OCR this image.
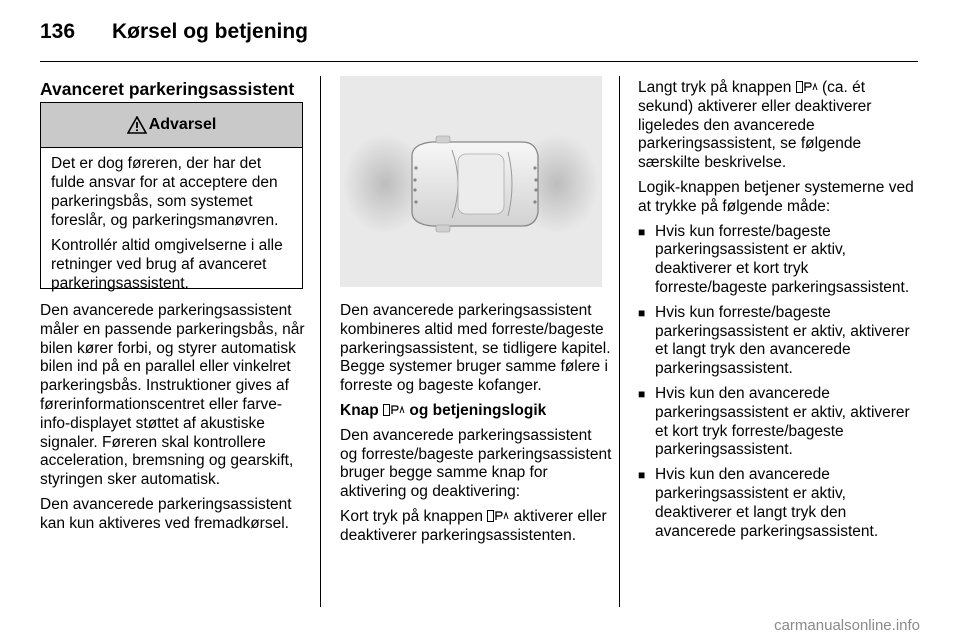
136 Kørsel og betjening
Avanceret parkeringsassistent
Advarsel

Det er dog føreren, der har det fulde ansvar for at acceptere den parkeringsbås, som systemet foreslår, og parkeringsmanøvren.

Kontrollér altid omgivelserne i alle retninger ved brug af avanceret parkeringsassistent.

Den avancerede parkeringsassistent måler en passende parkeringsbås, når bilen kører forbi, og styrer automatisk bilen ind på en parallel eller vinkelret parkeringsbås. Instruktioner gives af førerinformationscentret eller farve-info-displayet støttet af akustiske signaler. Føreren skal kontrollere acceleration, bremsning og gearskift, styringen sker automatisk.

Den avancerede parkeringsassistent kan kun aktiveres ved fremadkørsel.

Den avancerede parkeringsassistent kombineres altid med forreste/bageste parkeringsassistent, se tidligere kapitel. Begge systemer bruger samme følere i forreste og bageste kofanger.

Knap og betjeningslogik

Den avancerede parkeringsassistent og forreste/bageste parkeringsassistent bruger begge samme knap for aktivering og deaktivering:

Kort tryk på knappen aktiverer eller deaktiverer parkeringsassistenten.

Langt tryk på knappen (ca. ét sekund) aktiverer eller deaktiverer ligeledes den avancerede parkeringsassistent, se følgende særskilte beskrivelse.

Logik-knappen betjener systemerne ved at trykke på følgende måde:

■ Hvis kun forreste/bageste parkeringsassistent er aktiv, deaktiverer et kort tryk forreste/bageste parkeringsassistent.

■ Hvis kun forreste/bageste parkeringsassistent er aktiv, aktiverer et langt tryk den avancerede parkeringsassistent.

■ Hvis kun den avancerede parkeringsassistent er aktiv, aktiverer et kort tryk forreste/bageste parkeringsassistent.

■ Hvis kun den avancerede parkeringsassistent er aktiv, deaktiverer et langt tryk den avancerede parkeringsassistent.

carmanualsonline.info
